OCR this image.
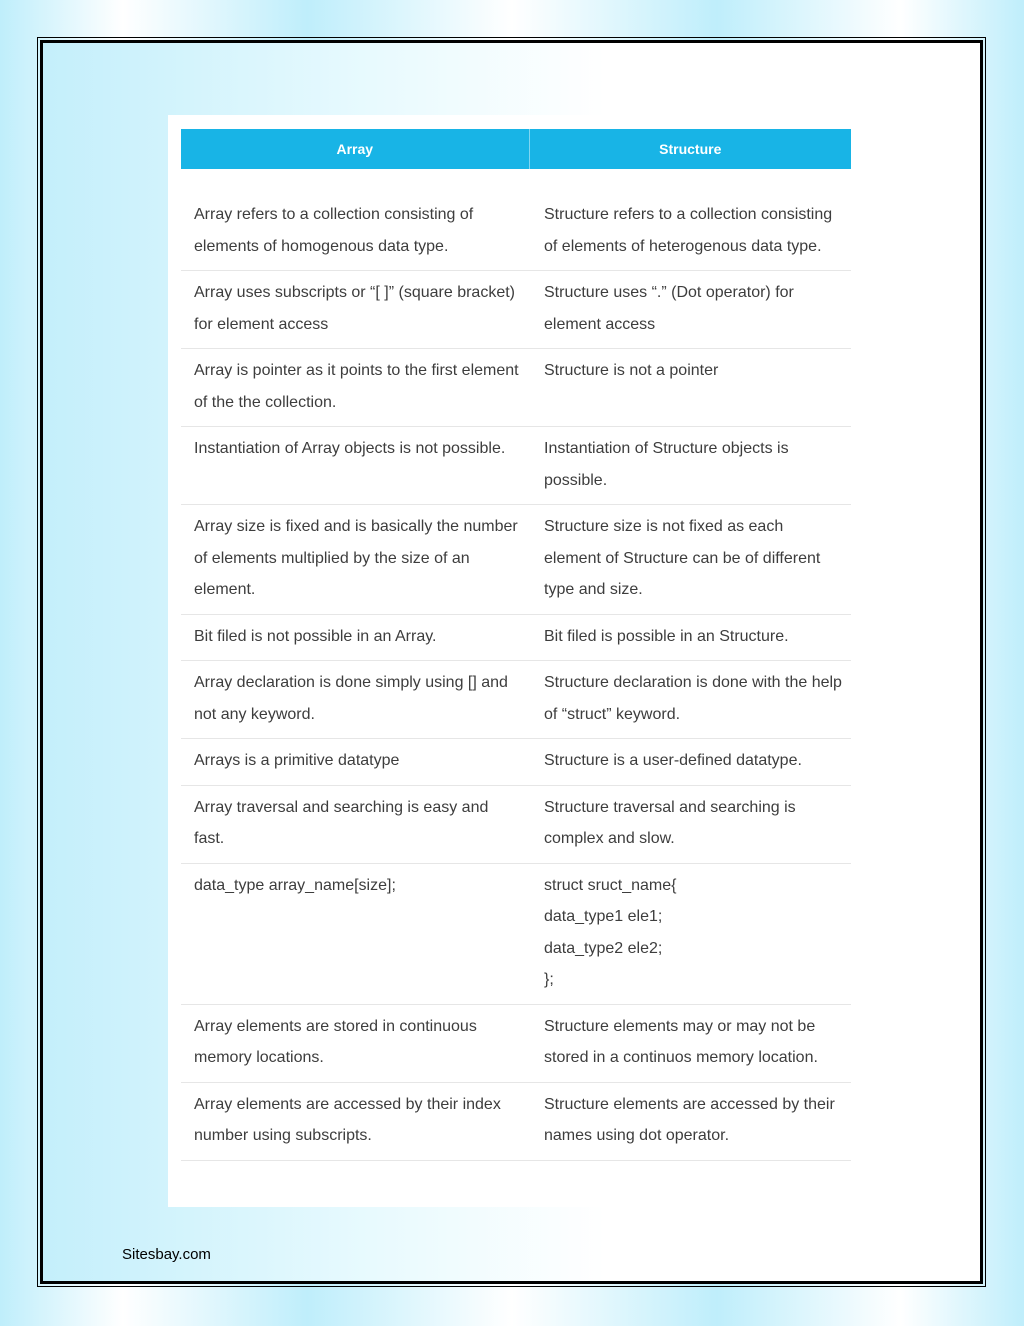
Array	Structure

Array refers to a collection consisting of elements of homogenous data type.	Structure refers to a collection consisting of elements of heterogenous data type.
Array uses subscripts or “[ ]” (square bracket) for element access	Structure uses “.” (Dot operator) for element access
Array is pointer as it points to the first element of the the collection.	Structure is not a pointer
Instantiation of Array objects is not possible.	Instantiation of Structure objects is possible.
Array size is fixed and is basically the number of elements multiplied by the size of an element.	Structure size is not fixed as each element of Structure can be of different type and size.
Bit filed is not possible in an Array.	Bit filed is possible in an Structure.
Array declaration is done simply using [] and not any keyword.	Structure declaration is done with the help of “struct” keyword.
Arrays is a primitive datatype	Structure is a user-defined datatype.
Array traversal and searching is easy and fast.	Structure traversal and searching is complex and slow.
data_type array_name[size];	struct sruct_name{
data_type1 ele1;
data_type2 ele2;
};

Array elements are stored in continuous memory locations.	Structure elements may or may not be stored in a continuos memory location.
Array elements are accessed by their index number using subscripts.	Structure elements are accessed by their names using dot operator.
Sitesbay.com
